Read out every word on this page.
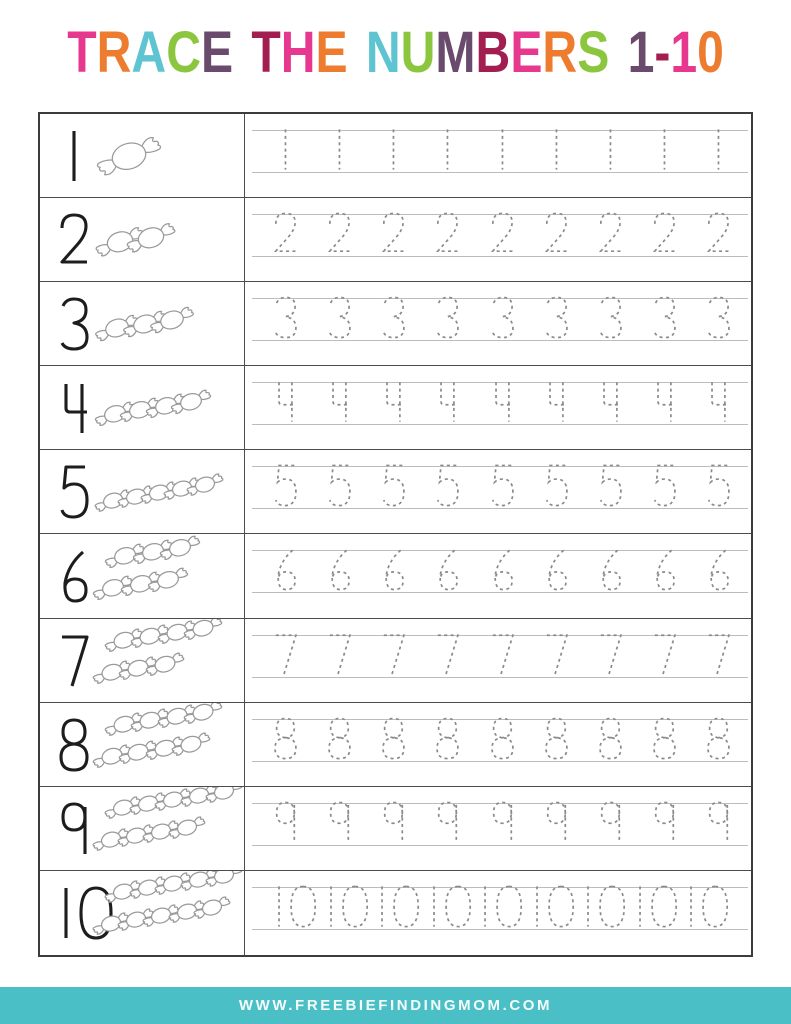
T R A C E T H E N U M B E R S 1 - 1 0
WWW.FREEBIEFINDINGMOM.COM
